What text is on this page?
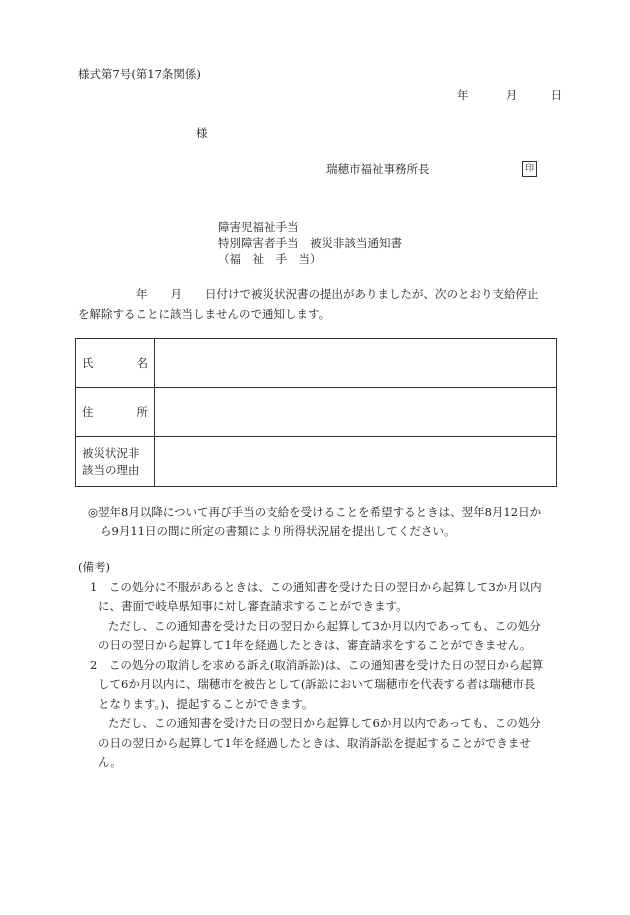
様式第7号(第17条関係)
年	月	日
様
瑞穂市福祉事務所長	印
障害児福祉手当
特別障害者手当　被災非該当通知書
（福　祉　手　当）
年　　月　　日付けで被災状況書の提出がありましたが、次のとおり支給停止
を解除することに該当しませんので通知します。
氏 名	

住 所	

被災状況非
該当の理由	

◎翌年8月以降について再び手当の支給を受けることを希望するときは、翌年8月12日か
ら9月11日の間に所定の書類により所得状況届を提出してください。

(備考)

1　この処分に不服があるときは、この通知書を受けた日の翌日から起算して3か月以内

に、書面で岐阜県知事に対し審査請求することができます。

ただし、この通知書を受けた日の翌日から起算して3か月以内であっても、この処分

の日の翌日から起算して1年を経過したときは、審査請求をすることができません。

2　この処分の取消しを求める訴え(取消訴訟)は、この通知書を受けた日の翌日から起算

して6か月以内に、瑞穂市を被告として(訴訟において瑞穂市を代表する者は瑞穂市長

となります。)、提起することができます。

ただし、この通知書を受けた日の翌日から起算して6か月以内であっても、この処分

の日の翌日から起算して1年を経過したときは、取消訴訟を提起することができませ

ん。
